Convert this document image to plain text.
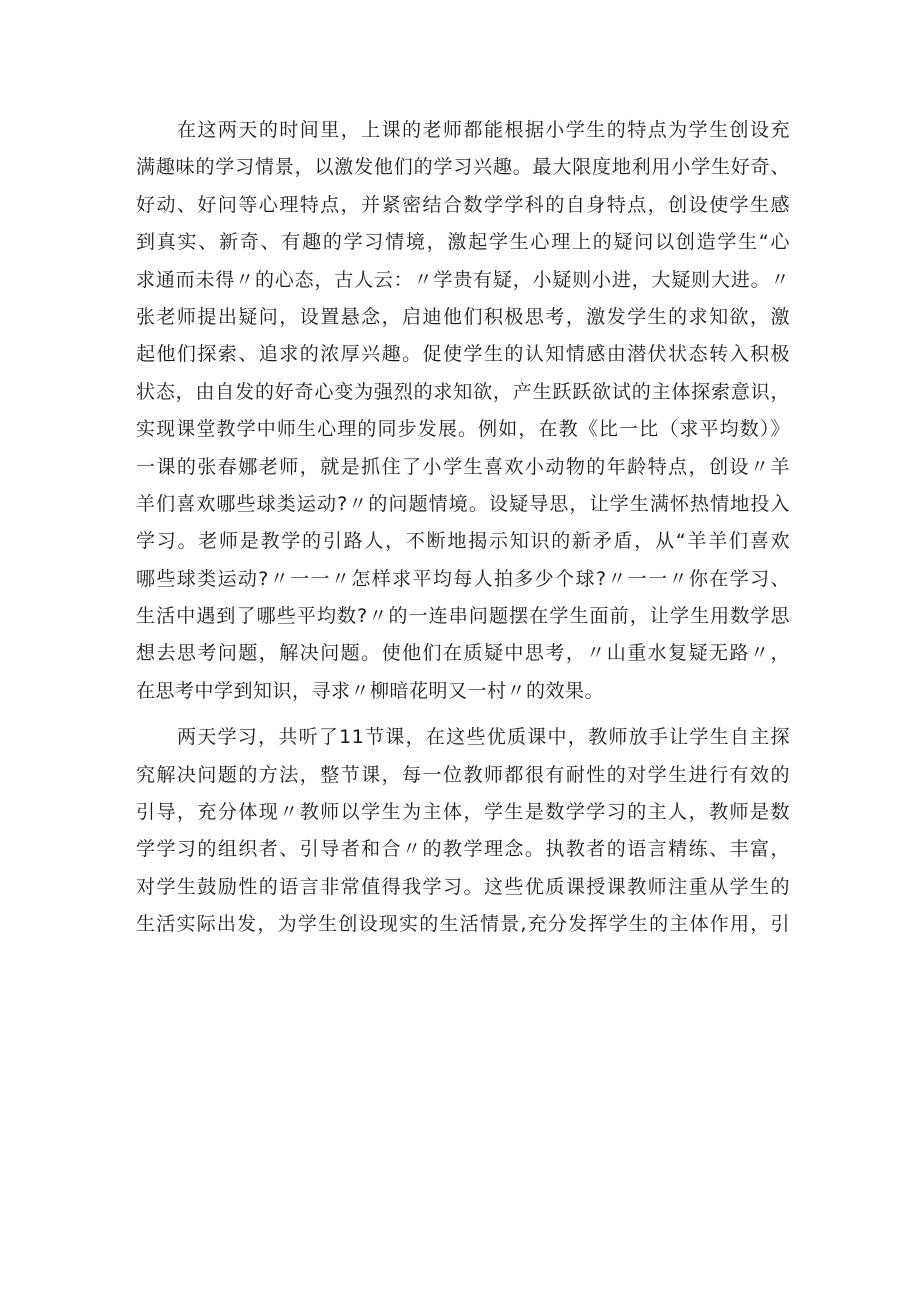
在这两天的时间里，上课的老师都能根据小学生的特点为学生创设充
满趣味的学习情景，以激发他们的学习兴趣。最大限度地利用小学生好奇、
好动、好问等心理特点，并紧密结合数学学科的自身特点，创设使学生感
到真实、新奇、有趣的学习情境，激起学生心理上的疑问以创造学生“心
求通而未得〃的心态，古人云：〃学贵有疑，小疑则小进，大疑则大进。〃
张老师提出疑问，设置悬念，启迪他们积极思考，激发学生的求知欲，激
起他们探索、追求的浓厚兴趣。促使学生的认知情感由潜伏状态转入积极
状态，由自发的好奇心变为强烈的求知欲，产生跃跃欲试的主体探索意识，
实现课堂教学中师生心理的同步发展。例如，在教《比一比（求平均数）》
一课的张春娜老师，就是抓住了小学生喜欢小动物的年龄特点，创设〃羊
羊们喜欢哪些球类运动?〃的问题情境。设疑导思，让学生满怀热情地投入
学习。老师是教学的引路人，不断地揭示知识的新矛盾，从“羊羊们喜欢
哪些球类运动?〃一一〃怎样求平均每人拍多少个球?〃一一〃你在学习、
生活中遇到了哪些平均数?〃的一连串问题摆在学生面前，让学生用数学思
想去思考问题，解决问题。使他们在质疑中思考，〃山重水复疑无路〃，
在思考中学到知识，寻求〃柳暗花明又一村〃的效果。
两天学习，共听了11节课，在这些优质课中，教师放手让学生自主探
究解决问题的方法，整节课，每一位教师都很有耐性的对学生进行有效的
引导，充分体现〃教师以学生为主体，学生是数学学习的主人，教师是数
学学习的组织者、引导者和合〃的教学理念。执教者的语言精练、丰富，
对学生鼓励性的语言非常值得我学习。这些优质课授课教师注重从学生的
生活实际出发，为学生创设现实的生活情景,充分发挥学生的主体作用，引
